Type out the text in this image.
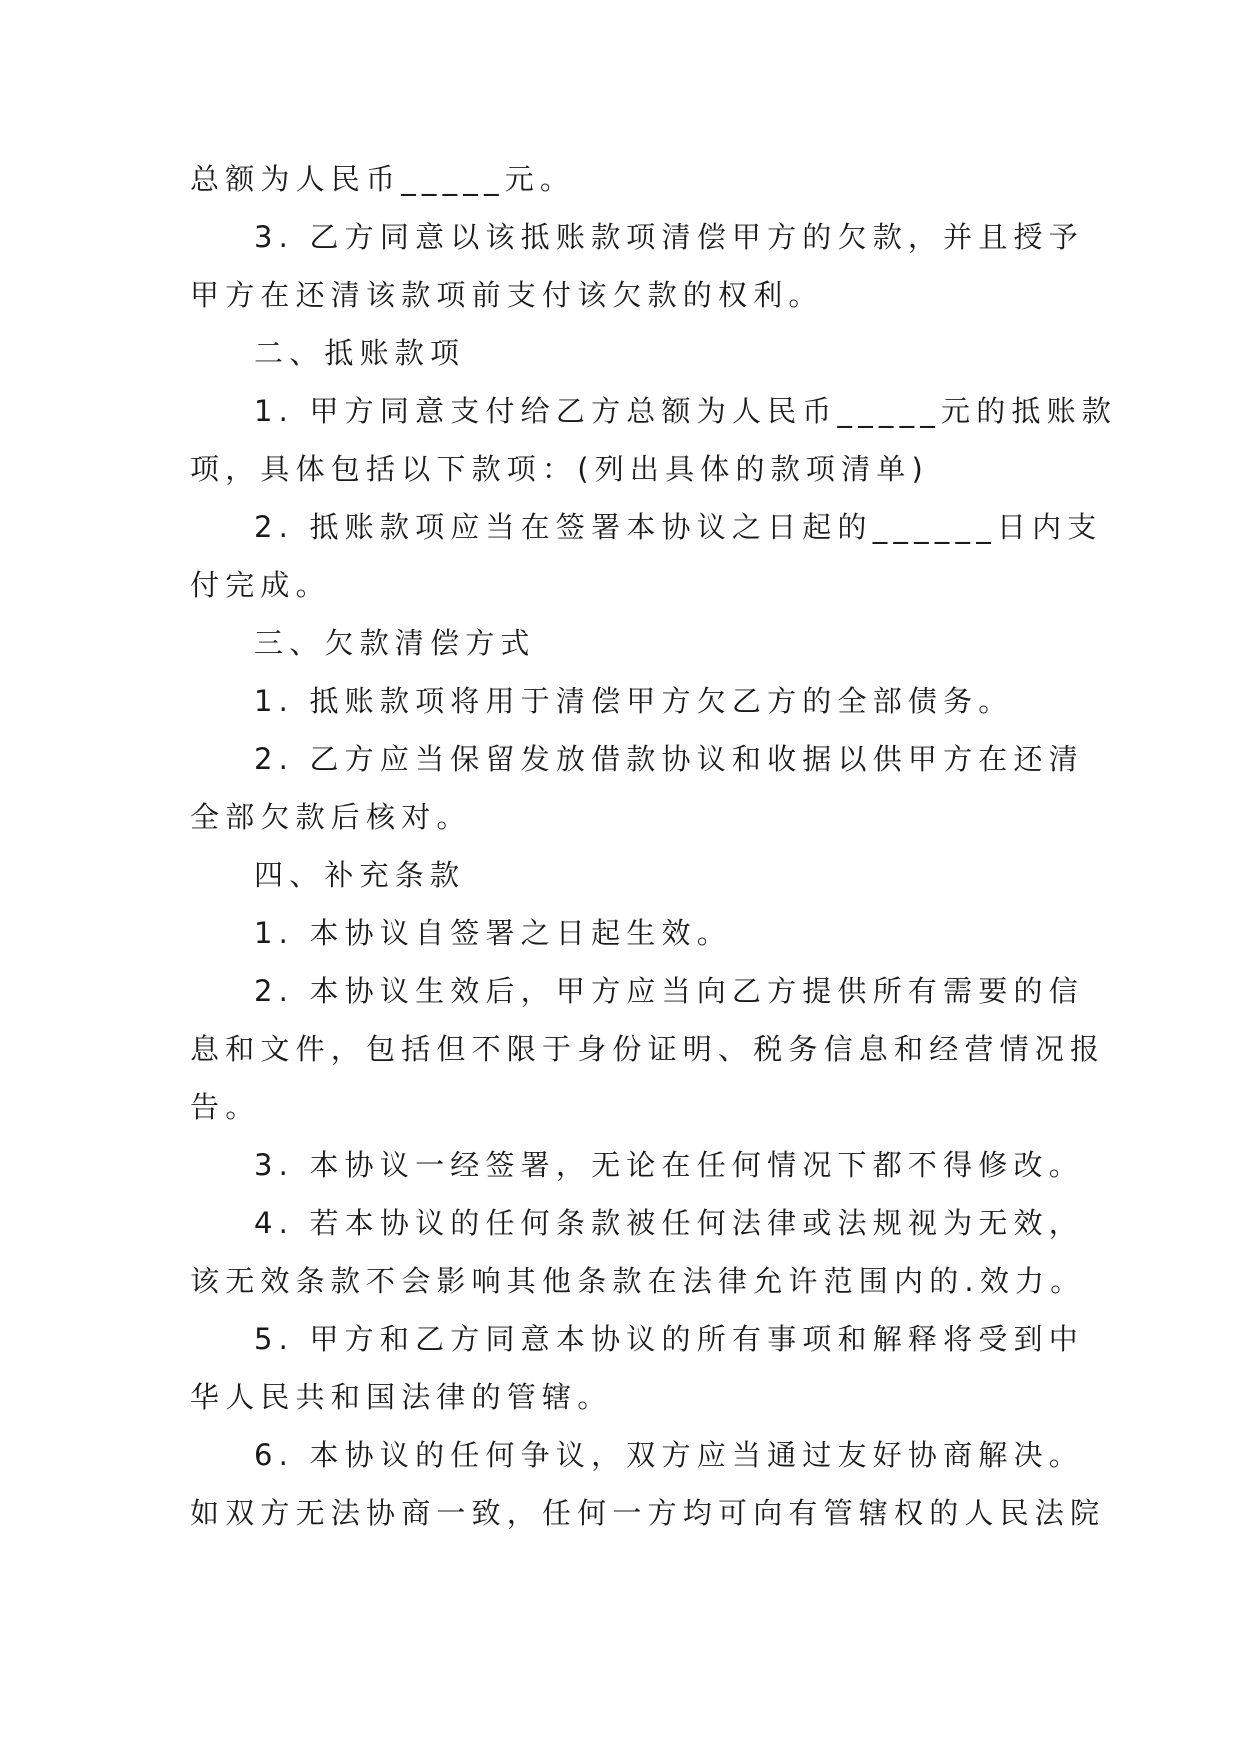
总额为人民币_____元。

3. 乙方同意以该抵账款项清偿甲方的欠款，并且授予

甲方在还清该款项前支付该欠款的权利。

二、抵账款项

1. 甲方同意支付给乙方总额为人民币_____元的抵账款

项，具体包括以下款项：(列出具体的款项清单)

2. 抵账款项应当在签署本协议之日起的______日内支

付完成。

三、欠款清偿方式

1. 抵账款项将用于清偿甲方欠乙方的全部债务。

2. 乙方应当保留发放借款协议和收据以供甲方在还清

全部欠款后核对。

四、补充条款

1. 本协议自签署之日起生效。

2. 本协议生效后，甲方应当向乙方提供所有需要的信

息和文件，包括但不限于身份证明、税务信息和经营情况报

告。

3. 本协议一经签署，无论在任何情况下都不得修改。

4. 若本协议的任何条款被任何法律或法规视为无效，

该无效条款不会影响其他条款在法律允许范围内的.效力。

5. 甲方和乙方同意本协议的所有事项和解释将受到中

华人民共和国法律的管辖。

6. 本协议的任何争议，双方应当通过友好协商解决。

如双方无法协商一致，任何一方均可向有管辖权的人民法院
